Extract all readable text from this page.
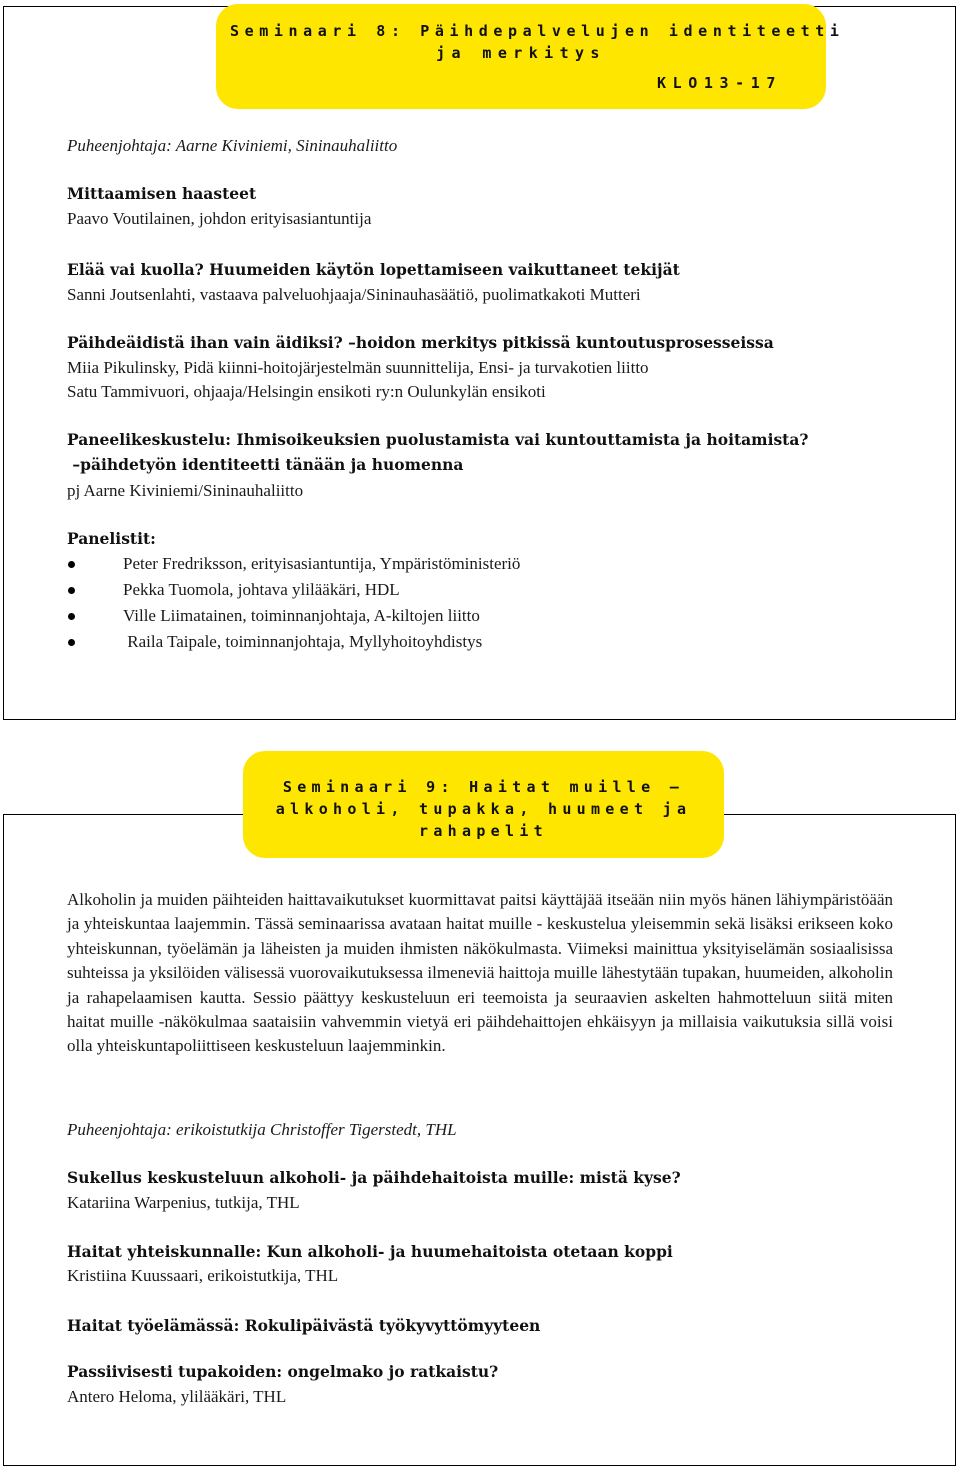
Seminaari 8: Päihdepalvelujen identiteetti
ja merkitys
KLO13-17
Puheenjohtaja: Aarne Kiviniemi, Sininauhaliitto
Mittaamisen haasteet
Paavo Voutilainen, johdon erityisasiantuntija
Elää vai kuolla? Huumeiden käytön lopettamiseen vaikuttaneet tekijät
Sanni Joutsenlahti, vastaava palveluohjaaja/Sininauhasäätiö, puolimatkakoti Mutteri
Päihdeäidistä ihan vain äidiksi? –hoidon merkitys pitkissä kuntoutusprosesseissa
Miia Pikulinsky, Pidä kiinni-hoitojärjestelmän suunnittelija, Ensi- ja turvakotien liitto
Satu Tammivuori, ohjaaja/Helsingin ensikoti ry:n Oulunkylän ensikoti
Paneelikeskustelu: Ihmisoikeuksien puolustamista vai kuntouttamista ja hoitamista?
–päihdetyön identiteetti tänään ja huomenna
pj Aarne Kiviniemi/Sininauhaliitto
Panelistit:
Peter Fredriksson, erityisasiantuntija, Ympäristöministeriö
Pekka Tuomola, johtava ylilääkäri, HDL
Ville Liimatainen, toiminnanjohtaja, A-kiltojen liitto
Raila Taipale, toiminnanjohtaja, Myllyhoitoyhdistys
Seminaari 9: Haitat muille –
alkoholi, tupakka, huumeet ja
rahapelit

Alkoholin ja muiden päihteiden haittavaikutukset kuormittavat paitsi käyttäjää itseään niin myös hänen lähiympäristöään ja yhteiskuntaa laajemmin. Tässä seminaarissa avataan haitat muille - keskustelua yleisemmin sekä lisäksi erikseen koko yhteiskunnan, työelämän ja läheisten ja muiden ihmisten näkökulmasta. Viimeksi mainittua yksityiselämän sosiaalisissa suhteissa ja yksilöiden välisessä vuorovaikutuksessa ilmeneviä haittoja muille lähestytään tupakan, huumeiden, alkoholin ja rahapelaamisen kautta. Sessio päättyy keskusteluun eri teemoista ja seuraavien askelten hahmotteluun siitä miten haitat muille -näkökulmaa saataisiin vahvemmin vietyä eri päihdehaittojen ehkäisyyn ja millaisia vaikutuksia sillä voisi olla yhteiskuntapoliittiseen keskusteluun laajemminkin.

Puheenjohtaja: erikoistutkija Christoffer Tigerstedt, THL
Sukellus keskusteluun alkoholi- ja päihdehaitoista muille: mistä kyse?
Katariina Warpenius, tutkija, THL
Haitat yhteiskunnalle: Kun alkoholi- ja huumehaitoista otetaan koppi
Kristiina Kuussaari, erikoistutkija, THL
Haitat työelämässä: Rokulipäivästä työkyvyttömyyteen
Passiivisesti tupakoiden: ongelmako jo ratkaistu?
Antero Heloma, ylilääkäri, THL
